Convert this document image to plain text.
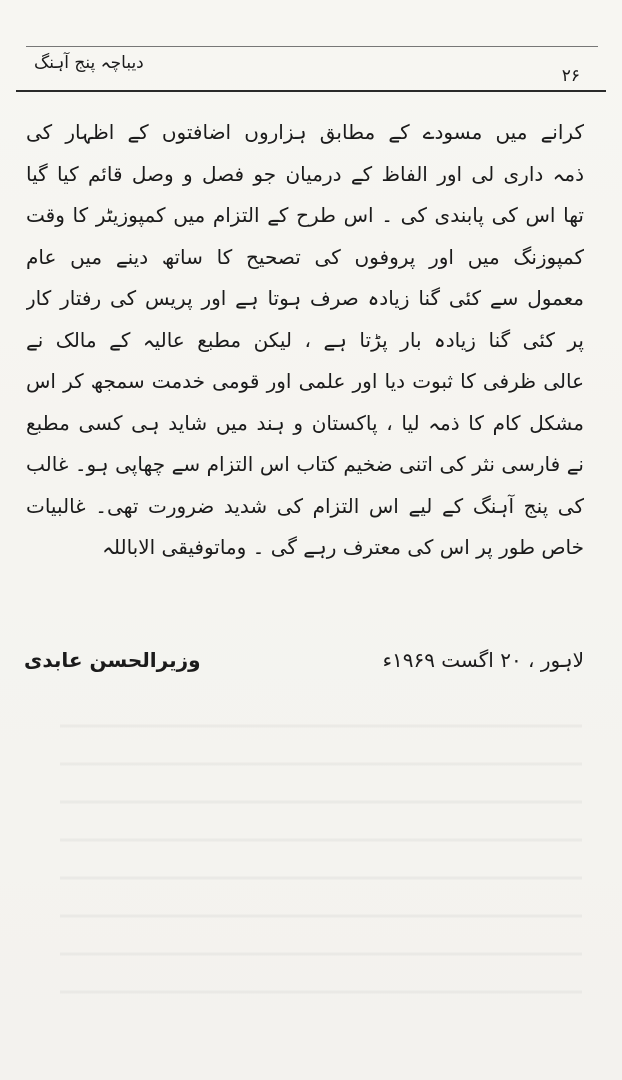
دیباچہ پنج آہنگ
۲۶
کرانے میں مسودے کے مطابق ہزاروں اضافتوں کے اظہار کی
ذمہ داری لی اور الفاظ کے درمیان جو فصل و وصل قائم کیا گیا
تھا اس کی پابندی کی ۔ اس طرح کے التزام میں کمپوزیٹر کا وقت
کمپوزنگ میں اور پروفوں کی تصحیح کا ساتھ دینے میں عام
معمول سے کئی گنا زیادہ صرف ہوتا ہے اور پریس کی رفتار کار
پر کئی گنا زیادہ بار پڑتا ہے ، لیکن مطبع عالیہ کے مالک نے
عالی ظرفی کا ثبوت دیا اور علمی اور قومی خدمت سمجھ کر اس
مشکل کام کا ذمہ لیا ، پاکستان و ہند میں شاید ہی کسی مطبع
نے فارسی نثر کی اتنی ضخیم کتاب اس التزام سے چھاپی ہو۔ غالب
کی پنج آہنگ کے لیے اس التزام کی شدید ضرورت تھی۔ غالبیات
خاص طور پر اس کی معترف رہے گی ۔ وماتوفیقی الاباللہ
لاہور ، ۲۰ اگست ۱۹۶۹ء
وزیرالحسن عابدی
